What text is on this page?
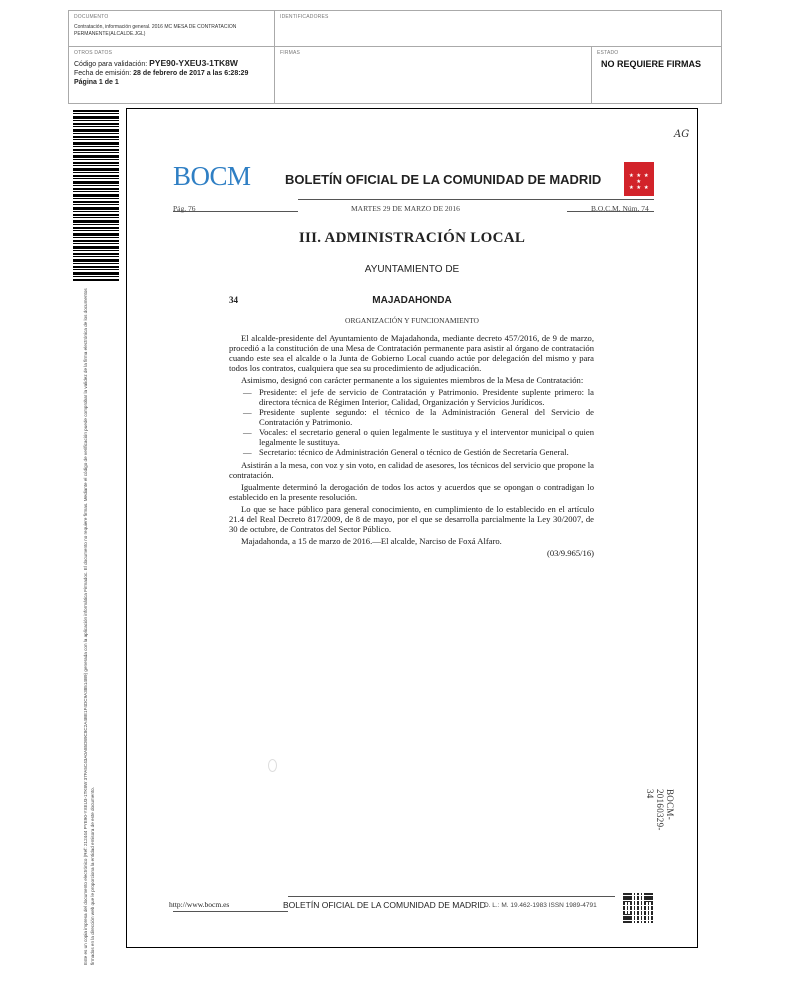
DOCUMENTO
Contratación, información general. 2016 MC MESA DE CONTRATACION PERMANENTE(ALCALDE.JGL)
IDENTIFICADORES
OTROS DATOS
Código para validación: PYE90-YXEU3-1TK8W
Fecha de emisión: 28 de febrero de 2017 a las 6:28:29
Página 1 de 1
FIRMAS	ESTADO
NO REQUIERE FIRMAS
Este es un copia impresa del documento electrónico (Ref: 212444 PYE90-YXEU3-1TK8W 37FA5C43A0A85D89C8C2A4BE1F4DC9A38514B9) generada con la aplicación informática Firmadoc. El documento no requiere firmas. Mediante el código de verificación puede comprobar la validez de la firma electrónica de los documentos firmados en la dirección web que le proporciona la entidad emisora de este documento.
AG
BOCM	BOLETÍN OFICIAL DE LA COMUNIDAD DE MADRID	★ ★ ★ ★
★ ★ ★
Pág. 76	MARTES 29 DE MARZO DE 2016	B.O.C.M. Núm. 74
III. ADMINISTRACIÓN LOCAL
AYUNTAMIENTO DE
34	MAJADAHONDA
ORGANIZACIÓN Y FUNCIONAMIENTO

El alcalde-presidente del Ayuntamiento de Majadahonda, mediante decreto 457/2016, de 9 de marzo, procedió a la constitución de una Mesa de Contratación permanente para asistir al órgano de contratación cuando este sea el alcalde o la Junta de Gobierno Local cuando actúe por delegación del mismo y para todos los contratos, cualquiera que sea su procedimiento de adjudicación.

Asimismo, designó con carácter permanente a los siguientes miembros de la Mesa de Contratación:

— Presidente: el jefe de servicio de Contratación y Patrimonio. Presidente suplente primero: la directora técnica de Régimen Interior, Calidad, Organización y Servicios Jurídicos.
— Presidente suplente segundo: el técnico de la Administración General del Servicio de Contratación y Patrimonio.
— Vocales: el secretario general o quien legalmente le sustituya y el interventor municipal o quien legalmente le sustituya.
— Secretario: técnico de Administración General o técnico de Gestión de Secretaría General.

Asistirán a la mesa, con voz y sin voto, en calidad de asesores, los técnicos del servicio que propone la contratación.

Igualmente determinó la derogación de todos los actos y acuerdos que se opongan o contradigan lo establecido en la presente resolución.

Lo que se hace público para general conocimiento, en cumplimiento de lo establecido en el artículo 21.4 del Real Decreto 817/2009, de 8 de mayo, por el que se desarrolla parcialmente la Ley 30/2007, de 30 de octubre, de Contratos del Sector Público.

Majadahonda, a 15 de marzo de 2016.—El alcalde, Narciso de Foxá Alfaro.

(03/9.965/16)
BOCM-20160329-34
http://www.bocm.es	BOLETÍN OFICIAL DE LA COMUNIDAD DE MADRID
D. L.: M. 19.462-1983 ISSN 1989-4791
